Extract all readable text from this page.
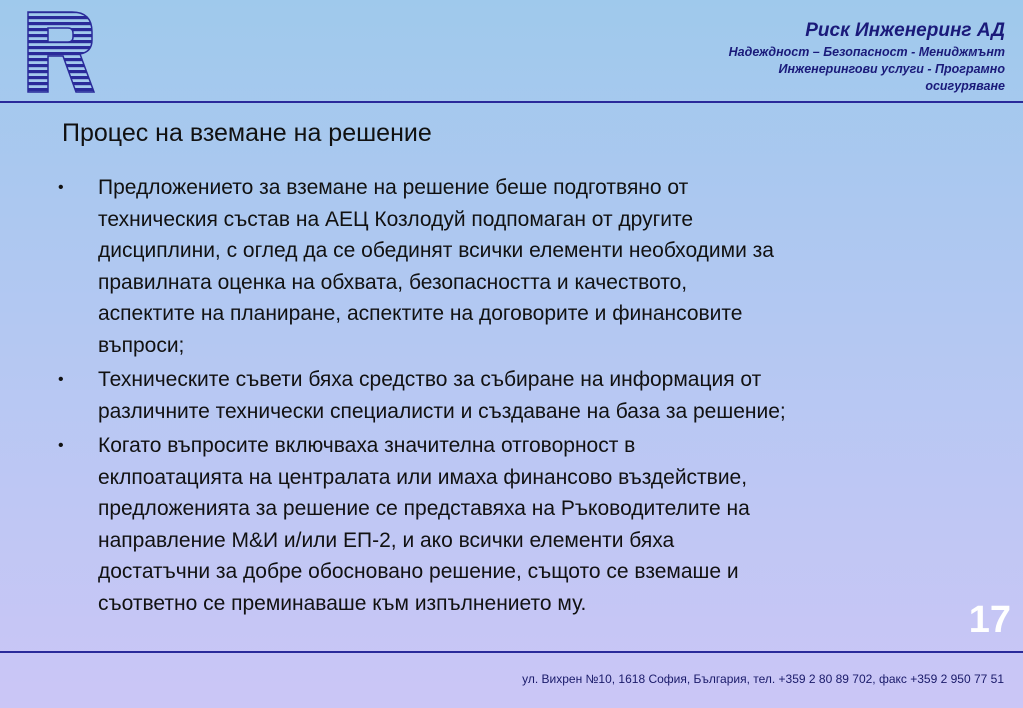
Риск Инженеринг АД
Надеждност – Безопасност - Мениджмънт
Инженерингови услуги - Програмно
осигуряване
Процес на вземане на решение
•	Предложението за вземане на решение беше подготвяно от
техническия състав на АЕЦ Козлодуй подпомаган от другите
дисциплини, с оглед да се обединят всички елементи необходими за
правилната оценка на обхвата, безопасността и качеството,
аспектите на планиране, аспектите на договорите и финансовите
въпроси;
•	Техническите съвети бяха средство за събиране на информация от
различните технически специалисти и създаване на база за решение;
•	Когато въпросите включваха значителна отговорност в
еклпоатацията на централата или имаха финансово въздействие,
предложенията за решение се представяха на Ръководителите на
направление М&И и/или ЕП-2, и ако всички елементи бяха
достатъчни за добре обосновано решение, същото се вземаше и
съответно се преминаваше към изпълнението му.	17
ул. Вихрен №10, 1618 София, България, тел. +359 2 80 89 702, факс +359 2 950 77 51
